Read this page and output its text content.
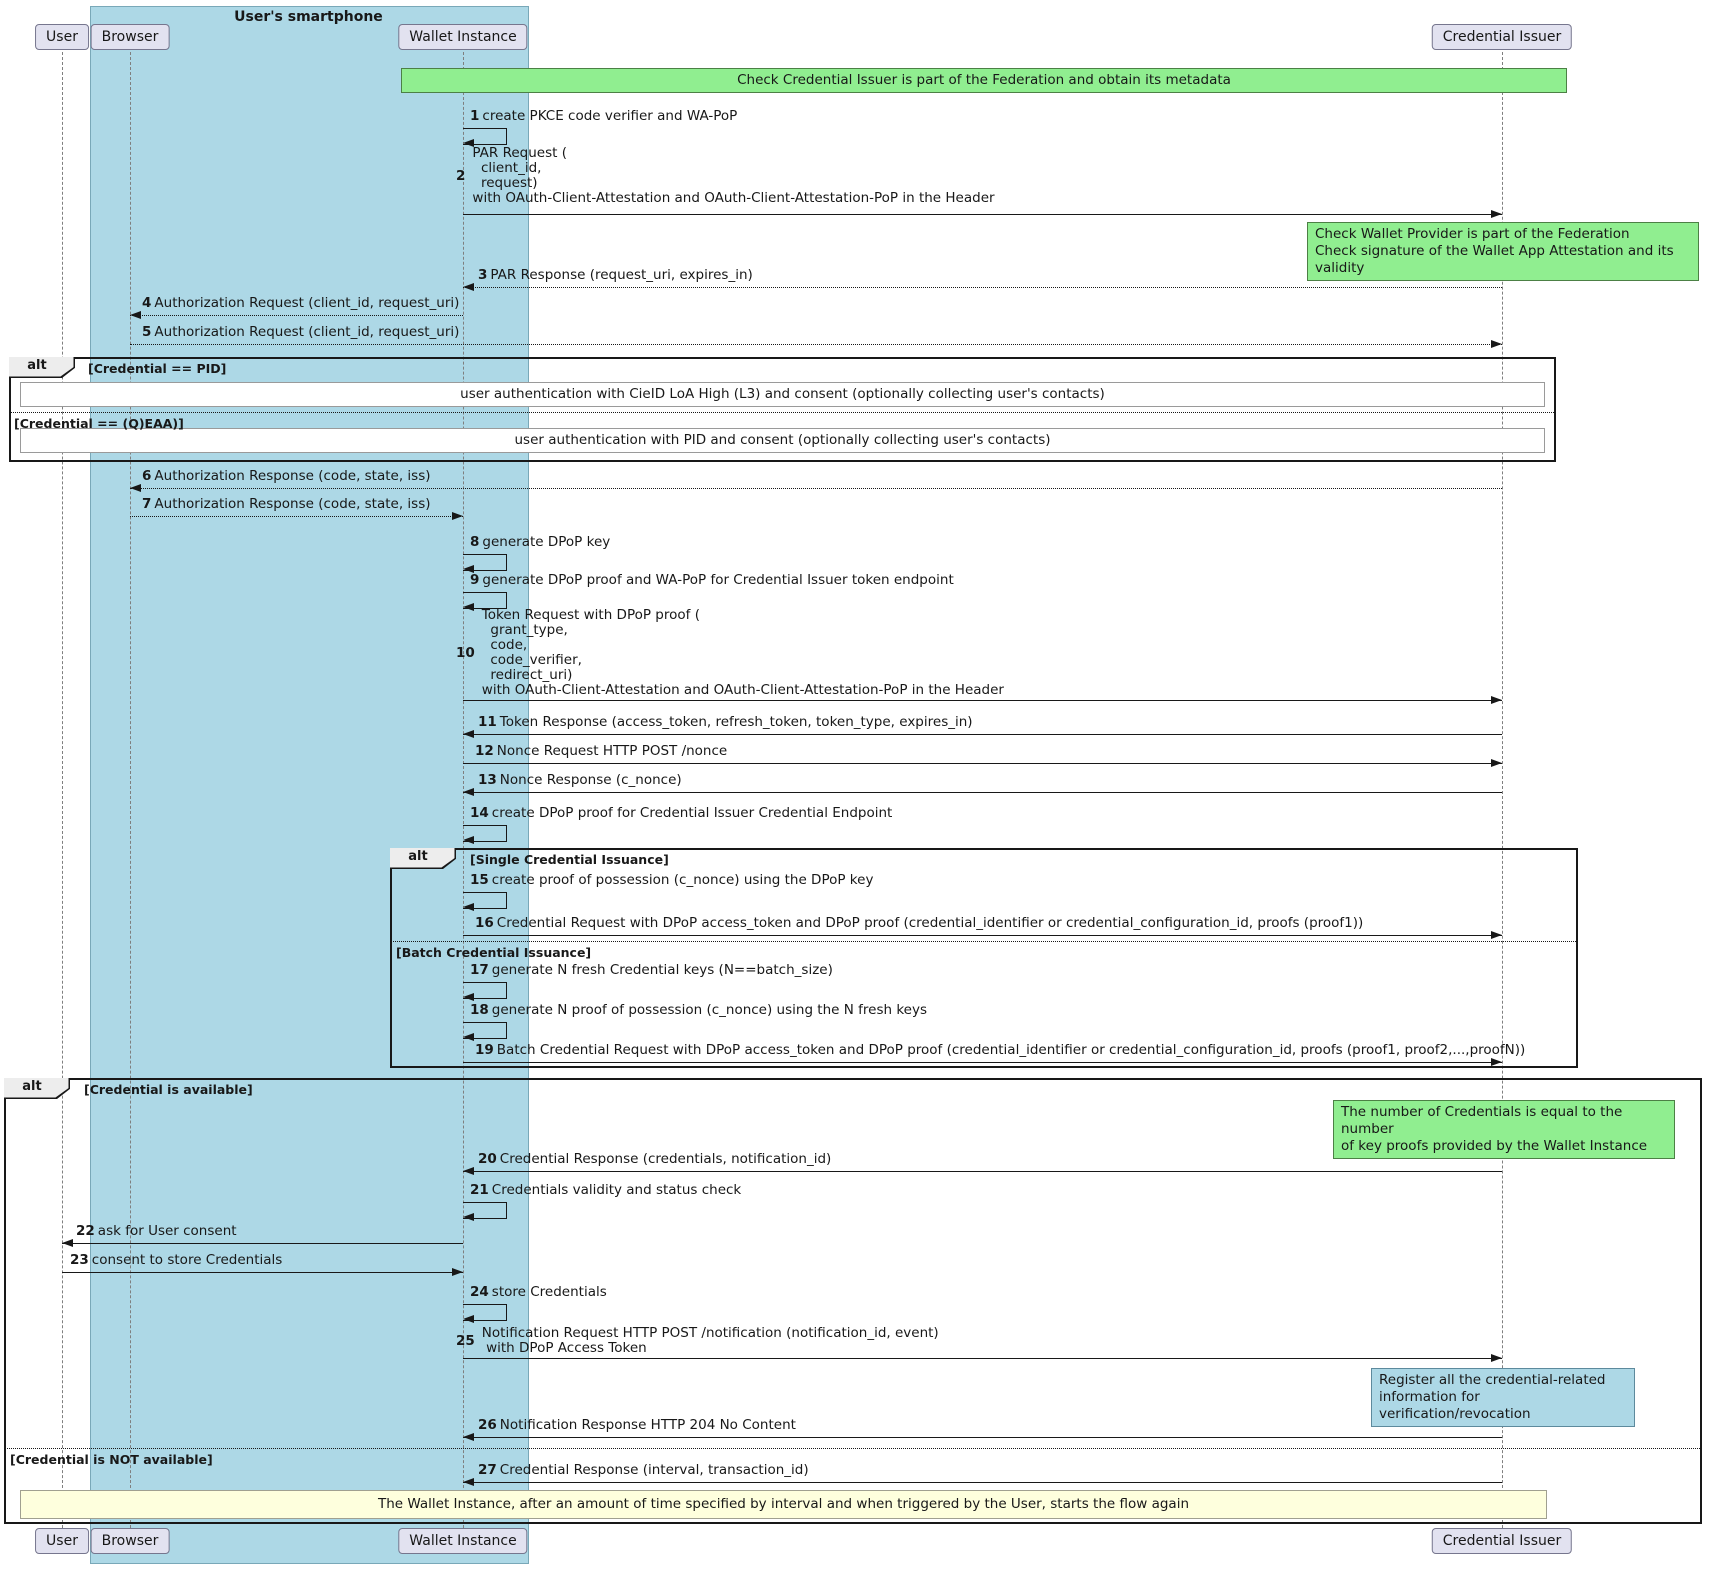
User's smartphone
Check Credential Issuer is part of the Federation and obtain its metadata
Check Wallet Provider is part of the Federation
Check signature of the Wallet App Attestation and its validity
alt	[Credential == PID]
user authentication with CieID LoA High (L3) and consent (optionally collecting user's contacts)
[Credential == (Q)EAA)]
user authentication with PID and consent (optionally collecting user's contacts)
alt	[Single Credential Issuance]
[Batch Credential Issuance]
alt	[Credential is available]
[Credential is NOT available]
The number of Credentials is equal to the number
of key proofs provided by the Wallet Instance
Register all the credential-related
information for verification/revocation
The Wallet Instance, after an amount of time specified by interval and when triggered by the User, starts the flow again
User	Browser	Wallet Instance	Credential Issuer
User	Browser	Wallet Instance	Credential Issuer
1 create PKCE code verifier and WA-PoP
2
PAR Request (
client_id,
request)
with OAuth-Client-Attestation and OAuth-Client-Attestation-PoP in the Header
3 PAR Response (request_uri, expires_in)
4 Authorization Request (client_id, request_uri)
5 Authorization Request (client_id, request_uri)
6 Authorization Response (code, state, iss)
7 Authorization Response (code, state, iss)
8 generate DPoP key
9 generate DPoP proof and WA-PoP for Credential Issuer token endpoint
10
Token Request with DPoP proof (
grant_type,
code,
code_verifier,
redirect_uri)
with OAuth-Client-Attestation and OAuth-Client-Attestation-PoP in the Header
11 Token Response (access_token, refresh_token, token_type, expires_in)
12 Nonce Request HTTP POST /nonce
13 Nonce Response (c_nonce)
14 create DPoP proof for Credential Issuer Credential Endpoint
15 create proof of possession (c_nonce) using the DPoP key
16 Credential Request with DPoP access_token and DPoP proof (credential_identifier or credential_configuration_id, proofs (proof1))
17 generate N fresh Credential keys (N==batch_size)
18 generate N proof of possession (c_nonce) using the N fresh keys
19 Batch Credential Request with DPoP access_token and DPoP proof (credential_identifier or credential_configuration_id, proofs (proof1, proof2,...,proofN))
20 Credential Response (credentials, notification_id)
21 Credentials validity and status check
22 ask for User consent
23 consent to store Credentials
24 store Credentials
25 Notification Request HTTP POST /notification (notification_id, event)
with DPoP Access Token
26 Notification Response HTTP 204 No Content
27 Credential Response (interval, transaction_id)
